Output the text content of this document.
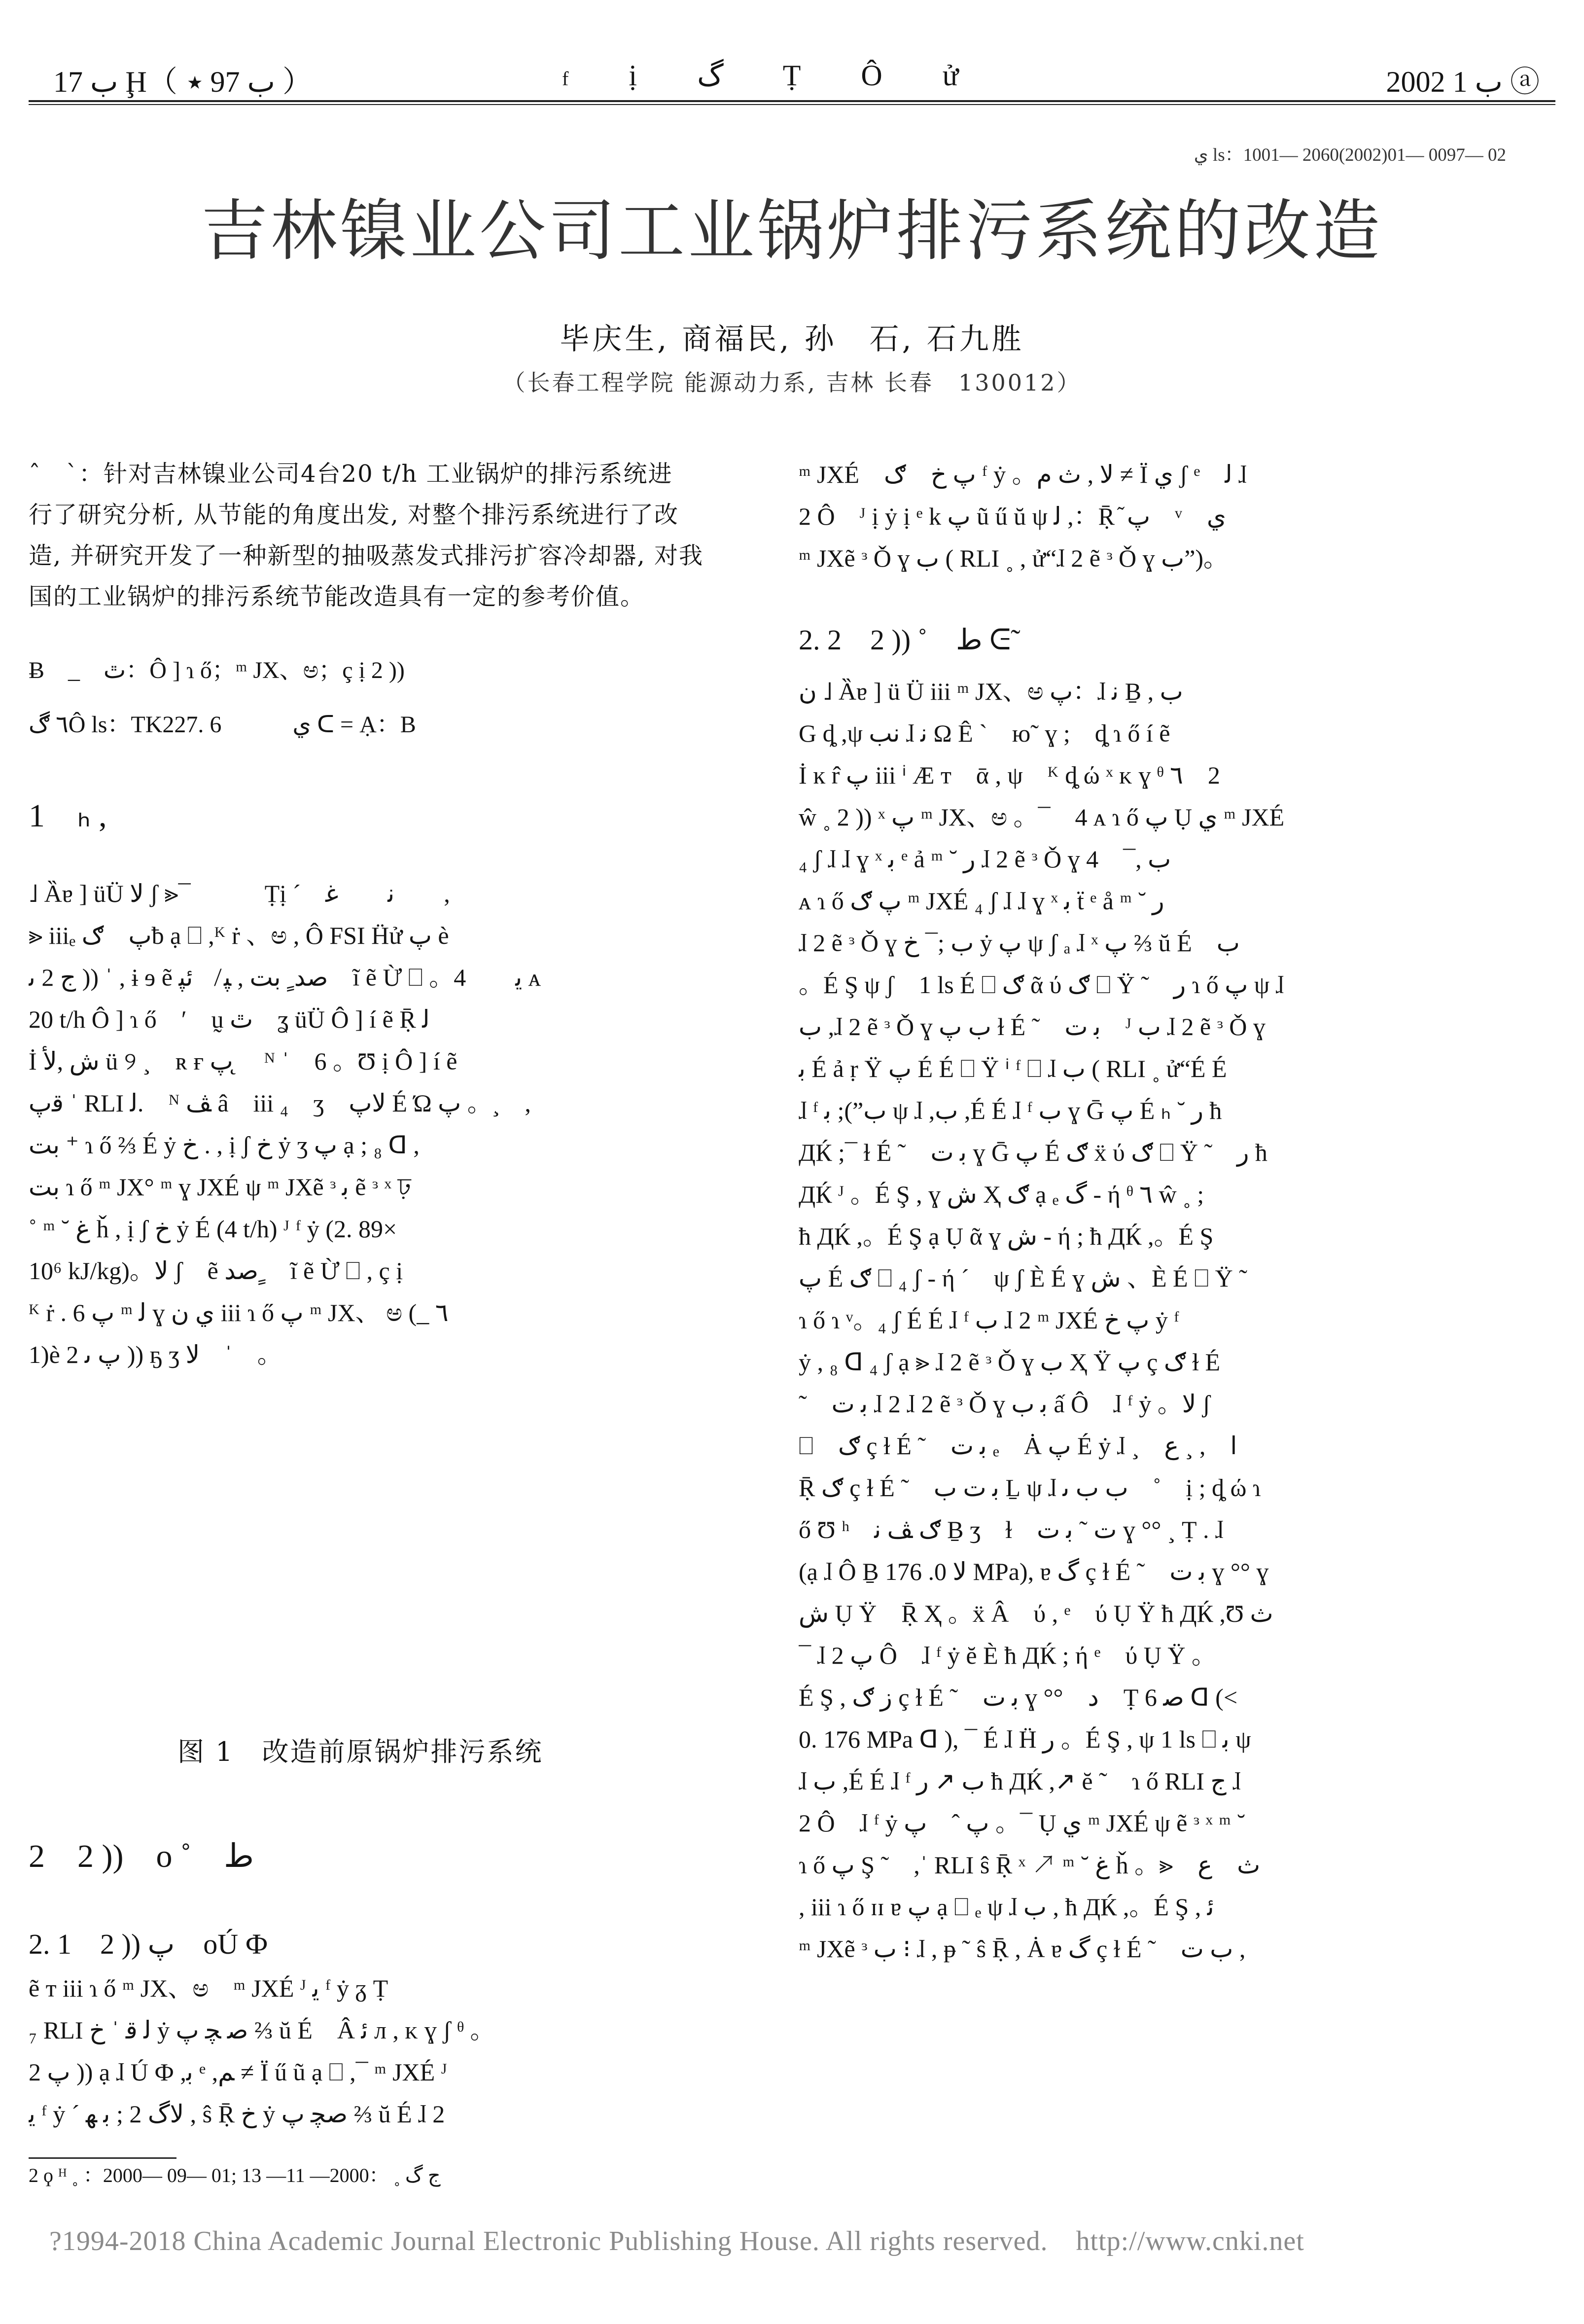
ب 17 Ḩ（ ب 97 ٭ ）	f ị گ Ṭ Ô ử	2002 ب 1 ⓐ
ي ls：1001— 2060(2002)01— 0097— 02
吉林镍业公司工业锅炉排污系统的改造
毕庆生, 商福民, 孙　石, 石九胜
（长春工程学院 能源动力系, 吉林 长春　130012）
ˆ　ˋ：针对吉林镍业公司4台20 t/h 工业锅炉的排污系统进
行了研究分析, 从节能的角度出发, 对整个排污系统进行了改
造, 并研究开发了一种新型的抽吸蒸发式排污扩容冷却器, 对我
国的工业锅炉的排污系统节能改造具有一定的参考价值。
Ƀ　_　ٿ：Ô ] ɿ ő；ᵐ JX、ಅ；ç ị 2 ))
٦ ڰÔ ls：TK227. 6　　　ي ᑕ = Ạ：B
1　ₕ ,
˩ Ȁɐ ] üÜ ﻻ ʃ ⪢¯　　　Ṭị ´　ﻧ　　ﻏ　　,
⪢ iiiₑ پ　ګƀ ạ ⎕ ,ᴷ ṙ 、ಅ , Ô FSI Ḧử پ è
ﺝ 2 ﯨ )) ˈ , ɨ ɘ ẽ ﺻﺪ ٍ ﺑﺖ , ﭙ ̸　ﺋﭙ　ĩ ẽ Ừ ⎕ 。ﻳ　　4 ᴀ
20 t/h Ô ] ɿ ő　ʹ　ṵ ٿ　ʓ üÜ Ô ] í ẽ Ṝ ﻟ
İ ﺵ ,ﻷ ü ୨ ¸　ʀ ғ پ ̨　ᴺ ˈ　6 。Ʊ ị Ô ] í ẽ
ﻗپ ˈ RLI ﻟ.　ᴺ ﭫ â　iii ₄　ʒ　ﻻپ É Ώ پ 。¸　,
ﺑﺖ ⁺ ɿ ő ⅔ É ẏ ﺥ . , ị ʃ ﺥ ẏ ʒ پ ạ ; ₈ ᗡ ,
ﺑﺖ ɿ ő ᵐ JX° ᵐ ɣ JXÉ ψ ᵐ JXẽ ᵌ ﺑ ẽ ᵌ ˣ ঢ়
˚ ᵐ ˘ ﻍ ȟ , ị ʃ ﺥ ẏ É (4 t/h) ᴶ ᶠ ẏ (2. 89×
10⁶ kJ/kg)。ﻻ ʃ　ẽ ﺻﺪ ٍ　ĩ ẽ Ừ ⎕ , ç ị
ᴷ ṙ . 6 پ ᵐ ﻟ ɣ ي ﻥ iii ɿ ő پ ᵐ JX、 ಅ (_ ٦
1)è پ ﯨ 2 )) ҕ ʒ ﻻ　ˈ　。
图 1　改造前原锅炉排污系统
2　2 ))　o ˚　ﻁ
2. 1　2 )) پ　oÚ Ф
ẽ ᴛ iii ɿ ő ᵐ JX、ಅ　ᵐ JXÉ ᴶ ﻳ ᶠ ẏ ᵹ Ṭ
₇ RLI ﻟ ﻗ ˈ ﺥ ẏ ﺻ ﭽ پ ⅔ ŭ É　Â ﺋ л , ᴋ ɣ ʃ ᶿ 。
2 پ )) ạ ɺ Ú Ф ,ﺑ ᵉ ,ﻢ ≠ Ï ű ũ ạ ⎕ ,¯ ᵐ JXÉ ᴶ
ﻳ ᶠ ẏ ˊ ﻻگ 2 ; ﺑ ﻬ , ŝ Ṝ ﺥ ẏ ﺻﭽ پ ⅔ ŭ É ɺ 2
2 ϙ ᴴ ˳ ：2000— 09— 01; ﺝ گ ˳ ：2000— 11— 13
ᵐ JXÉ　پ ﺥ　ګ ᶠ ẏ 。ﻻ , ﺙ ﻡ ≠ Ï ي ʃ ᵉ　ﻟ ɺ
2 Ô　ᴶ ị ẏ ị ᵉ k پ ũ ű ŭ ψ ﻟ ,：Ṝ ᷉ پ　ᵛ　ي
ᵐ JXẽ ᵌ Ǒ ɣ ﺏ ( RLI ˳ , ử“ɺ 2 ẽ ᵌ Ǒ ɣ ﺏ”)。
2. 2　2 )) ˚　ﻁ ᕮ˜
ﻥ ˩ Ȁɐ ] ü Ü iii ᵐ JX、ಅ پ：ɺ ﻧ Ḇ , ﺏ
G ȡ ,ψ ﻧﺐ ɺ ﻧ Ω Ê ˋ　ю˜ ɣ ;　ȡ ɿ ő í ẽ
İ ĸ r̂ پ iii ⁱ Æ ᴛ　ᾱ , ψ　ᴷ ȡ ώ ˣ ᴋ ɣ ᶿ ٦　2
ŵ ˳ 2 )) ˣ پ ᵐ JX、ಅ 。¯　4 ᴀ ɿ ő پ Ụ ي ᵐ JXÉ
₄ ʃ ɺ ɺ ɣ ˣ ﺑ ᵉ ả ᵐ ˘ ﺭ ɺ 2 ẽ ᵌ Ǒ ɣ ﺏ ,¯　4
ᴀ ɿ ő پ ګ ᵐ JXÉ ₄ ʃ ɺ ɺ ɣ ˣ ﺑ ẗ ᵉ å ᵐ ˘ ﺭ
ɺ 2 ẽ ᵌ Ǒ ɣ ﺏ ;¯ ﺥ ẏ پ ψ ʃ ₐ ɺ ˣ پ ⅔ ŭ É　ﺏ
。É Ş ψ ʃ　1 ls É ⎕ ګ ᾶ ύ ګ ⎕ Ÿ ˜　ﺭ ɿ ő پ ψ ɺ
ﺏ ,ɺ 2 ẽ ᵌ Ǒ ɣ ﺏ پ ɫ É ˜　ﺑ ﺕ　ᴶ ﺏ ɺ 2 ẽ ᵌ Ǒ ɣ
ﺑ É ả ṛ Ÿ پ É É ⎕ Ÿ ⁱ ᶠ ⎕ ɺ ﺏ ( RLI ˳ ử“É É
ɺ ᶠ ﺏ”); ﺑ ψ ɺ ,ﺏ ,É É ɺ ᶠ ﺏ ɣ Ḡ پ É ₕ ˘ ﺭ ħ
ДЌ ;¯ ɫ É ˜　ﺑ ﺕ ɣ Ḡ پ É ګ ẍ ύ ګ ⎕ Ÿ ˜　ﺭ ħ
ДЌ ᴶ 。É Ş , ɣ ﺵ Ҳ ګ ạ ₑ گ - ή ᶿ ٦ ŵ ˳ ;
ħ ДЌ ,。É Ş ạ Ụ ᾶ ɣ ﺵ - ή ; ħ ДЌ ,。É Ş
پ É ګ ⎕ ₄ ʃ - ή ´　ψ ʃ È É ɣ ﺵ 、È É ⎕ Ÿ ˜
ɿ ő ɿ ᵛ。₄ ʃ É É ɺ ᶠ ﺏ ɺ 2 ᵐ JXÉ پ ﺥ ẏ ᶠ
ẏ , ₈ ᗡ ₄ ʃ ạ ⪢ ɺ 2 ẽ ᵌ Ǒ ɣ ﺏ Ҳ Ÿ پ ç ګ ɫ É
˜　ﺑ ﺕ ɺ 2 ɺ 2 ẽ ᵌ Ǒ ɣ ﺑ ﺏ ấ Ô　ɺ ᶠ ẏ 。ﻻ ʃ
⎕　ګ ç ɫ É ˜　ﺑ ﺕ ₑ　Ȧ پ É ẏ ɺ ¸　ا　, ¸ ﻉ
Ṝ ګ ç ɫ É ˜　ﺑ ﺕ ﺏ Ḻ ψ ɺ ﺏ ﺏ ﯨ　˚　ị ; ȡ ώ ɿ
ő Ʊ ʰ　ګ ﭫ ﻧ Ḇ ʒ　ɫ　ﺕ ˜ ﺑ ﺕ ɣ °° ¸ Ṭ . ɺ
(ạ ɺ Ô Ḇ ﻻ 0. 176 MPa), ɐ گ ç ɫ É ˜　ﺑ ﺕ ɣ °° ɣ
ﺵ Ụ Ÿ　Ṝ Ҳ 。ẍ Â　ύ , ᵉ　ύ Ụ Ÿ ħ ДЌ ,Ʊ ﺙ
¯ ɺ 2 پ Ô　ɺ ᶠ ẏ ĕ È ħ ДЌ ; ή ᵉ　ύ Ụ Ÿ 。
É Ş , ﺯ ګ ç ɫ É ˜　ﺑ ﺕ ɣ °°　ﺩ　Ṭ 6 ﺻ ᗡ (<
0. 176 MPa ᗡ ), ¯ É ɺ Ḧ ﺭ 。É Ş , ψ 1 ls ⎕ ﺑ ψ
ɺ ﺏ ,É É ɺ ᶠ ﺏ ↗ ﺭ ħ ДЌ ,↗ ĕ ˜　ɿ ő RLI ﺝ ɺ
2 Ô　ɺ ᶠ ẏ پ ˆ　پ 。¯ Ụ ي ᵐ JXÉ ψ ẽ ᵌ ˣ ᵐ ˘
ɿ ő پ Ş ˜　,ˈ RLI ŝ Ṝ ˣ ↗ ᵐ ˘ ﻍ ȟ 。⪢　ﺙ　ﻉ
, iii ɿ ő ɪɪ ɐ پ ạ ⎕ ₑ ψ ɺ ﺏ , ħ ДЌ ,。É Ş , ﺋ
ᵐ JXẽ ᵌ ﺏ ⁝ ɺ , ᵽ ˜ ŝ Ṝ , Ȧ ɐ گ ç ɫ É ˜　ﺏ ﺕ ,
?1994-2018 China Academic Journal Electronic Publishing House. All rights reserved.　http://www.cnki.net
